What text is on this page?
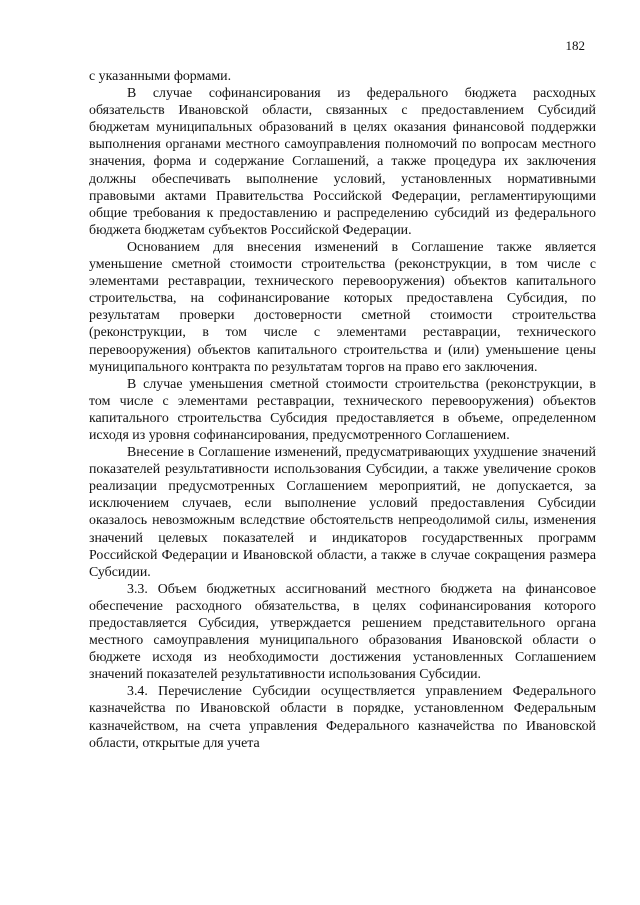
182

с указанными формами.

В случае софинансирования из федерального бюджета расходных обязательств Ивановской области, связанных с предоставлением Субсидий бюджетам муниципальных образований в целях оказания финансовой поддержки выполнения органами местного самоуправления полномочий по вопросам местного значения, форма и содержание Соглашений, а также процедура их заключения должны обеспечивать выполнение условий, установленных нормативными правовыми актами Правительства Российской Федерации, регламентирующими общие требования к предоставлению и распределению субсидий из федерального бюджета бюджетам субъектов Российской Федерации.

Основанием для внесения изменений в Соглашение также является уменьшение сметной стоимости строительства (реконструкции, в том числе с элементами реставрации, технического перевооружения) объектов капитального строительства, на софинансирование которых предоставлена Субсидия, по результатам проверки достоверности сметной стоимости строительства (реконструкции, в том числе с элементами реставрации, технического перевооружения) объектов капитального строительства и (или) уменьшение цены муниципального контракта по результатам торгов на право его заключения.

В случае уменьшения сметной стоимости строительства (реконструкции, в том числе с элементами реставрации, технического перевооружения) объектов капитального строительства Субсидия предоставляется в объеме, определенном исходя из уровня софинансирования, предусмотренного Соглашением.

Внесение в Соглашение изменений, предусматривающих ухудшение значений показателей результативности использования Субсидии, а также увеличение сроков реализации предусмотренных Соглашением мероприятий, не допускается, за исключением случаев, если выполнение условий предоставления Субсидии оказалось невозможным вследствие обстоятельств непреодолимой силы, изменения значений целевых показателей и индикаторов государственных программ Российской Федерации и Ивановской области, а также в случае сокращения размера Субсидии.

3.3. Объем бюджетных ассигнований местного бюджета на финансовое обеспечение расходного обязательства, в целях софинансирования которого предоставляется Субсидия, утверждается решением представительного органа местного самоуправления муниципального образования Ивановской области о бюджете исходя из необходимости достижения установленных Соглашением значений показателей результативности использования Субсидии.

3.4. Перечисление Субсидии осуществляется управлением Федерального казначейства по Ивановской области в порядке, установленном Федеральным казначейством, на счета управления Федерального казначейства по Ивановской области, открытые для учета
